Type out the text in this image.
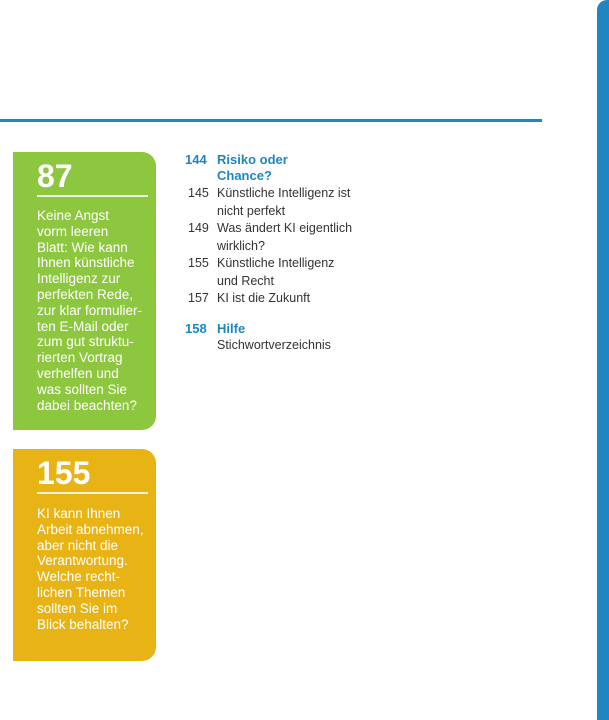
87

Keine Angst
vorm leeren
Blatt: Wie kann
Ihnen künstliche
Intelligenz zur
perfekten Rede,
zur klar formulier-
ten E-Mail oder
zum gut struktu-
rierten Vortrag
verhelfen und
was sollten Sie
dabei beachten?

155

KI kann Ihnen
Arbeit abnehmen,
aber nicht die
Verantwortung.
Welche recht-
lichen Themen
sollten Sie im
Blick behalten?

144 Risiko oder
Chance?
145 Künstliche Intelligenz ist
nicht perfekt
149 Was ändert KI eigentlich
wirklich?
155 Künstliche Intelligenz
und Recht
157 KI ist die Zukunft
158 Hilfe
Stichwortverzeichnis
